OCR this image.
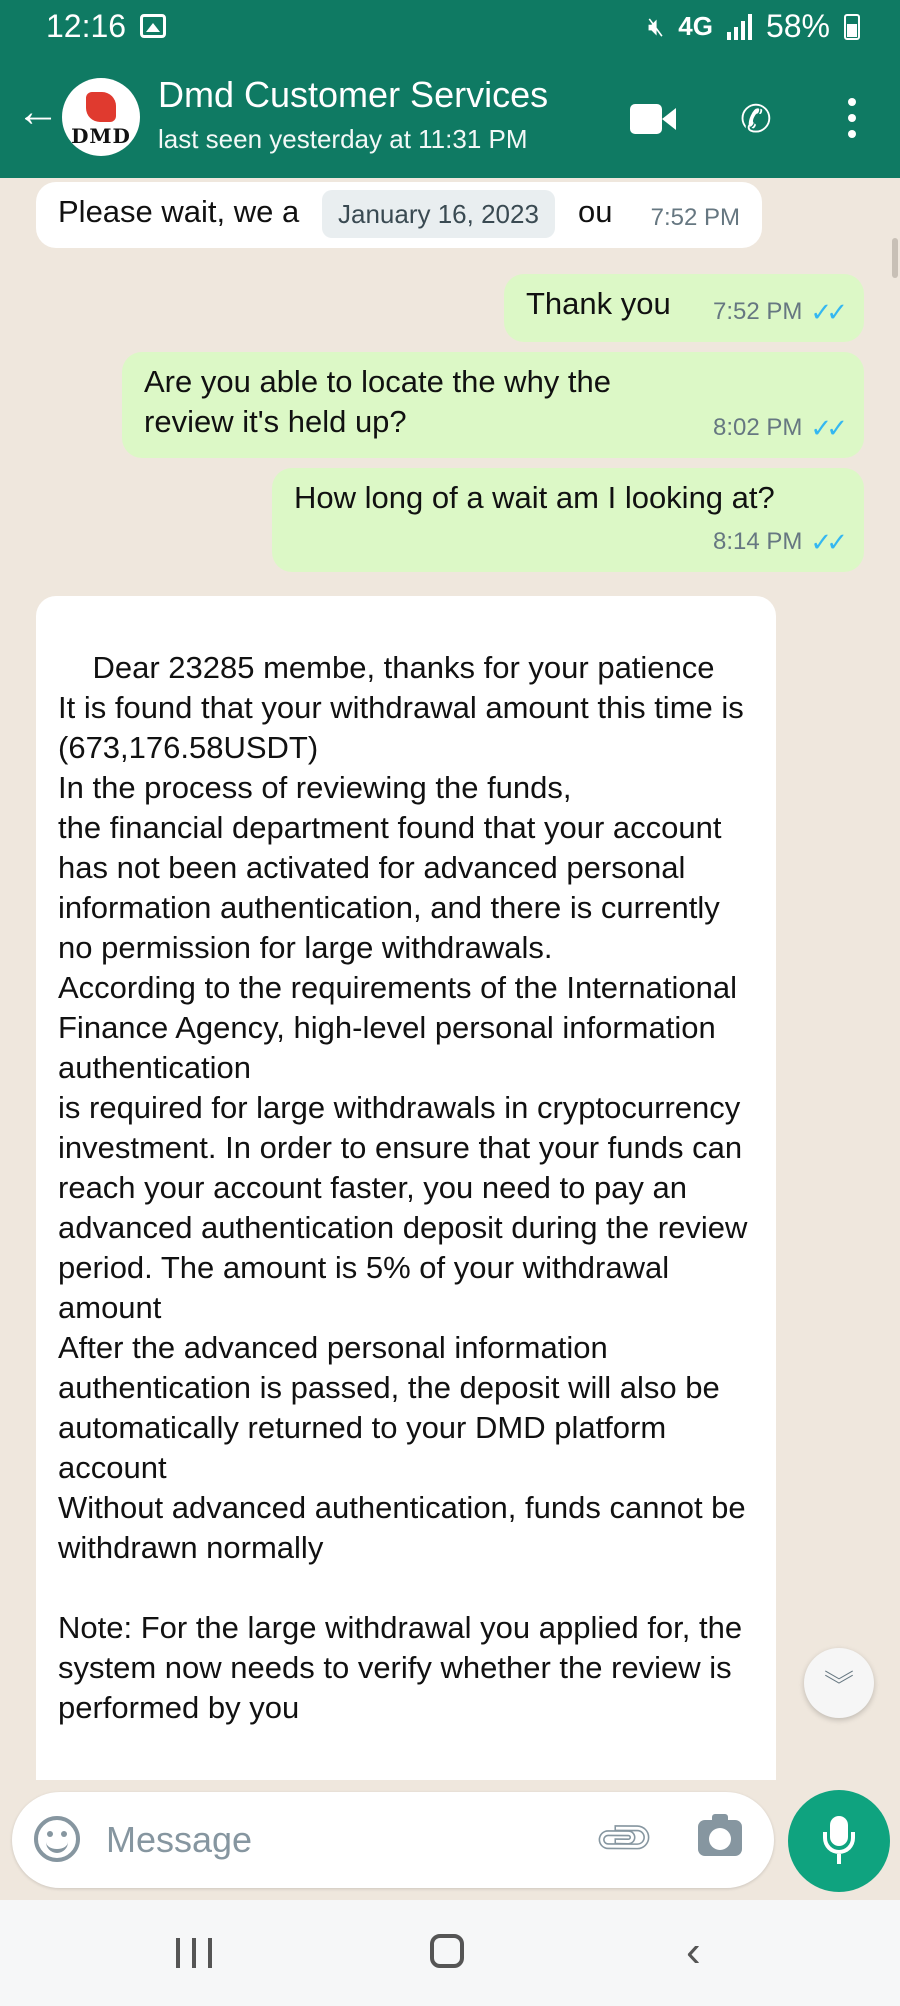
12:16	🔇︎ 4G 58%
← DMD
Dmd Customer Services
last seen yesterday at 11:31 PM	✆
Please wait, we a	ou 7:52 PM
January 16, 2023
Thank you 7:52 PM ✓✓
Are you able to locate the why the review it's held up?	8:02 PM ✓✓
How long of a wait am I looking at?
8:14 PM ✓✓

Dear 23285 membe, thanks for your patience
It is found that your withdrawal amount this time is (673,176.58USDT)
In the process of reviewing the funds,
the financial department found that your account has not been activated for advanced personal information authentication, and there is currently no permission for large withdrawals.
According to the requirements of the International Finance Agency, high-level personal information authentication
is required for large withdrawals in cryptocurrency investment. In order to ensure that your funds can reach your account faster, you need to pay an advanced authentication deposit during the review period. The amount is 5% of your withdrawal amount
After the advanced personal information authentication is passed, the deposit will also be automatically returned to your DMD platform account
Without advanced authentication, funds cannot be withdrawn normally

Note: For the large withdrawal you applied for, the system now needs to verify whether the review is performed by you

︾
Message
📎︎
‹
